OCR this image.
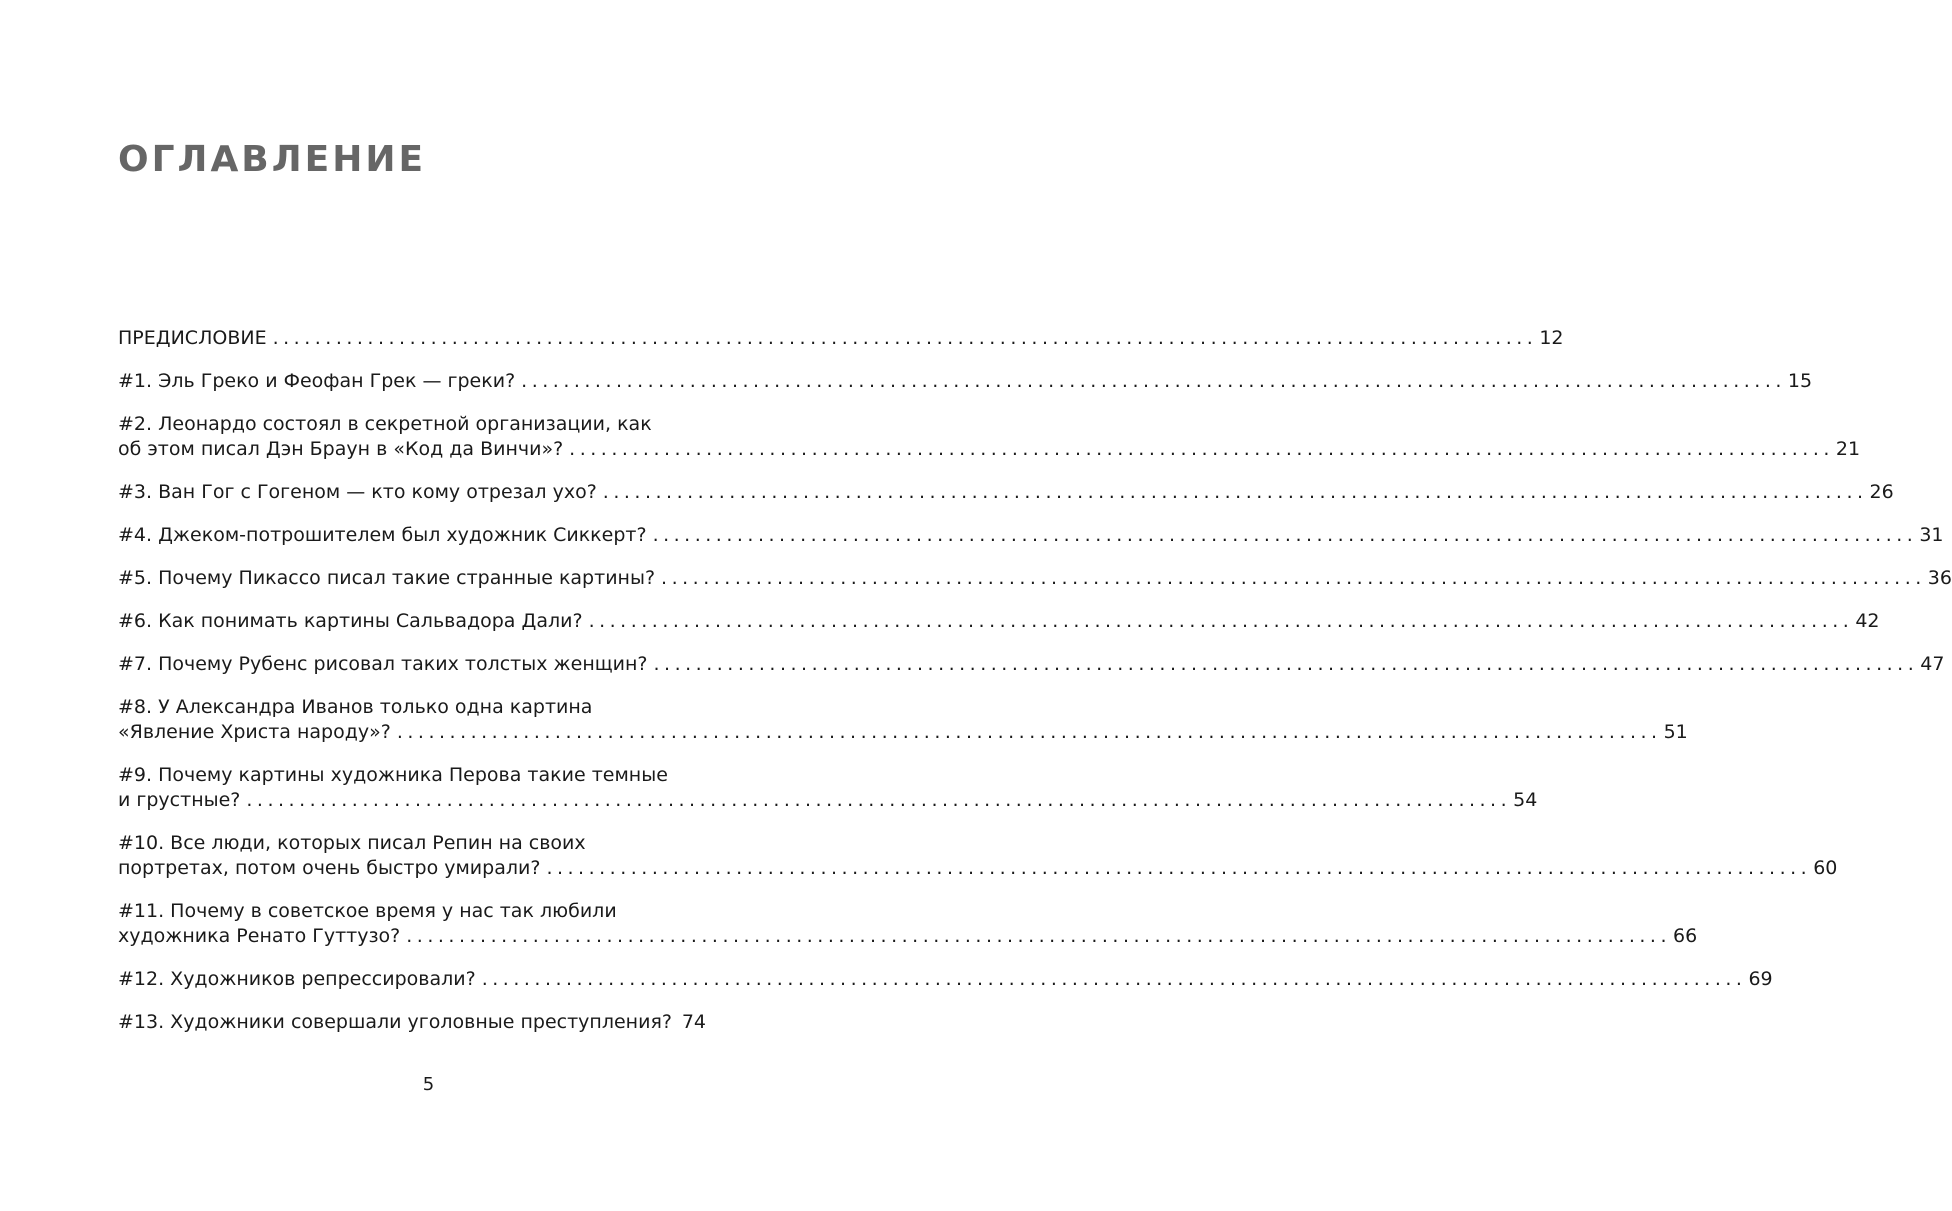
ОГЛАВЛЕНИЕ
ПРЕДИСЛОВИЕ ........................................................................................................................ 12
#1. Эль Греко и Феофан Грек — греки? ........................................................................................................................ 15
#2. Леонардо состоял в секретной организации, как
об этом писал Дэн Браун в «Код да Винчи»? ........................................................................................................................ 21
#3. Ван Гог с Гогеном — кто кому отрезал ухо? ........................................................................................................................ 26
#4. Джеком-потрошителем был художник Сиккерт? ........................................................................................................................ 31
#5. Почему Пикассо писал такие странные картины? ........................................................................................................................ 36
#6. Как понимать картины Сальвадора Дали? ........................................................................................................................ 42
#7. Почему Рубенс рисовал таких толстых женщин? ........................................................................................................................ 47
#8. У Александра Иванов только одна картина
«Явление Христа народу»? ........................................................................................................................ 51
#9. Почему картины художника Перова такие темные
и грустные? ........................................................................................................................ 54
#10. Все люди, которых писал Репин на своих
портретах, потом очень быстро умирали? ........................................................................................................................ 60
#11. Почему в советское время у нас так любили
художника Ренато Гуттузо? ........................................................................................................................ 66
#12. Художников репрессировали? ........................................................................................................................ 69
#13. Художники совершали уголовные преступления? 74
5
